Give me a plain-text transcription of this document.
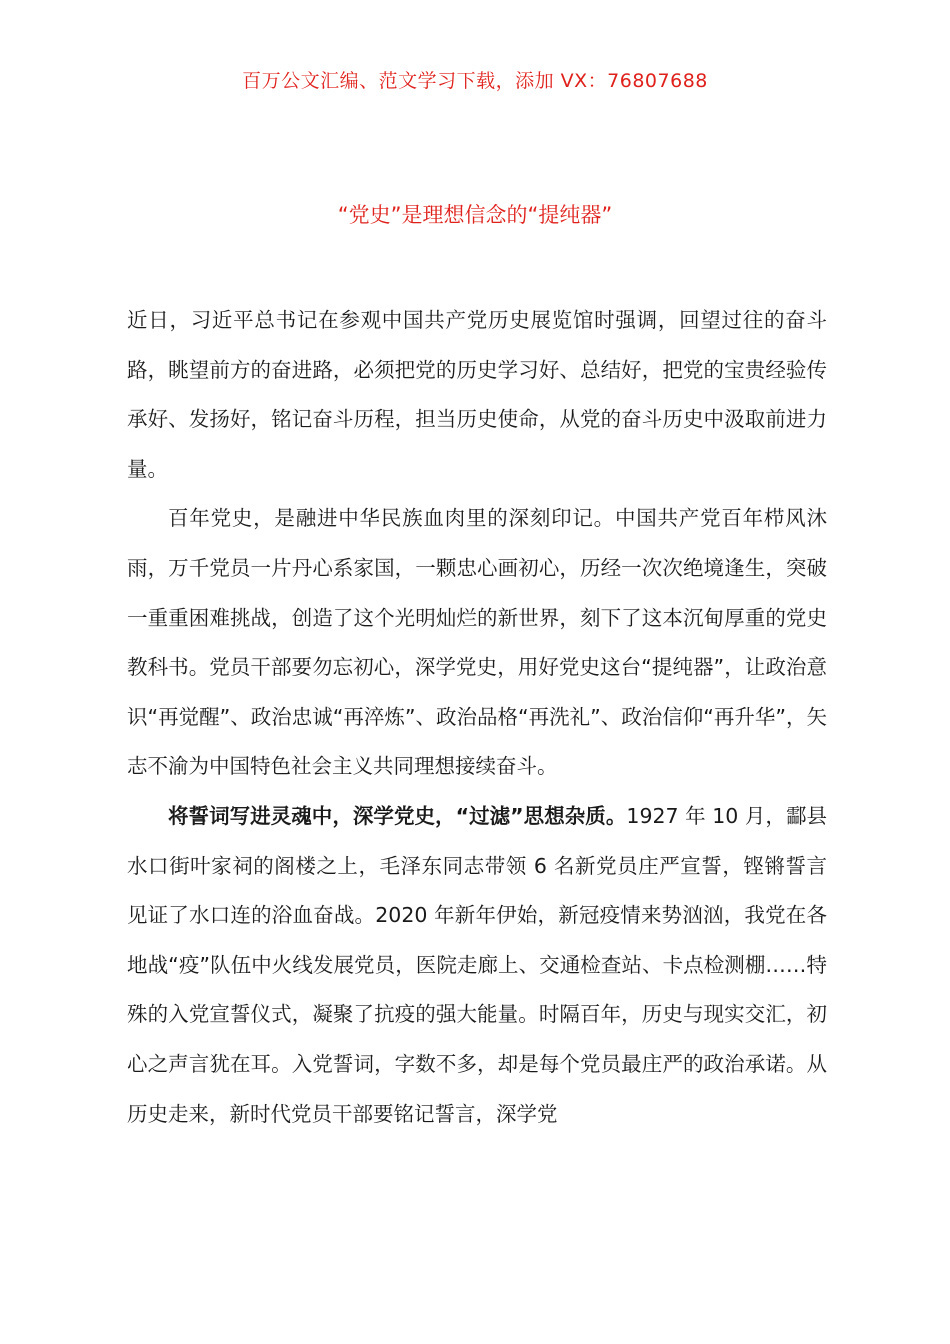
百万公文汇编、范文学习下载，添加 VX：76807688
“党史”是理想信念的“提纯器”

近日，习近平总书记在参观中国共产党历史展览馆时强调，回望过往的奋斗路，眺望前方的奋进路，必须把党的历史学习好、总结好，把党的宝贵经验传承好、发扬好，铭记奋斗历程，担当历史使命，从党的奋斗历史中汲取前进力量。

百年党史，是融进中华民族血肉里的深刻印记。中国共产党百年栉风沐雨，万千党员一片丹心系家国，一颗忠心画初心，历经一次次绝境逢生，突破一重重困难挑战，创造了这个光明灿烂的新世界，刻下了这本沉甸厚重的党史教科书。党员干部要勿忘初心，深学党史，用好党史这台“提纯器”，让政治意识“再觉醒”、政治忠诚“再淬炼”、政治品格“再洗礼”、政治信仰“再升华”，矢志不渝为中国特色社会主义共同理想接续奋斗。

将誓词写进灵魂中，深学党史，“过滤”思想杂质。1927 年 10 月，酃县水口街叶家祠的阁楼之上，毛泽东同志带领 6 名新党员庄严宣誓，铿锵誓言见证了水口连的浴血奋战。2020 年新年伊始，新冠疫情来势汹汹，我党在各地战“疫”队伍中火线发展党员，医院走廊上、交通检查站、卡点检测棚……特殊的入党宣誓仪式，凝聚了抗疫的强大能量。时隔百年，历史与现实交汇，初心之声言犹在耳。入党誓词，字数不多，却是每个党员最庄严的政治承诺。从历史走来，新时代党员干部要铭记誓言，深学党
